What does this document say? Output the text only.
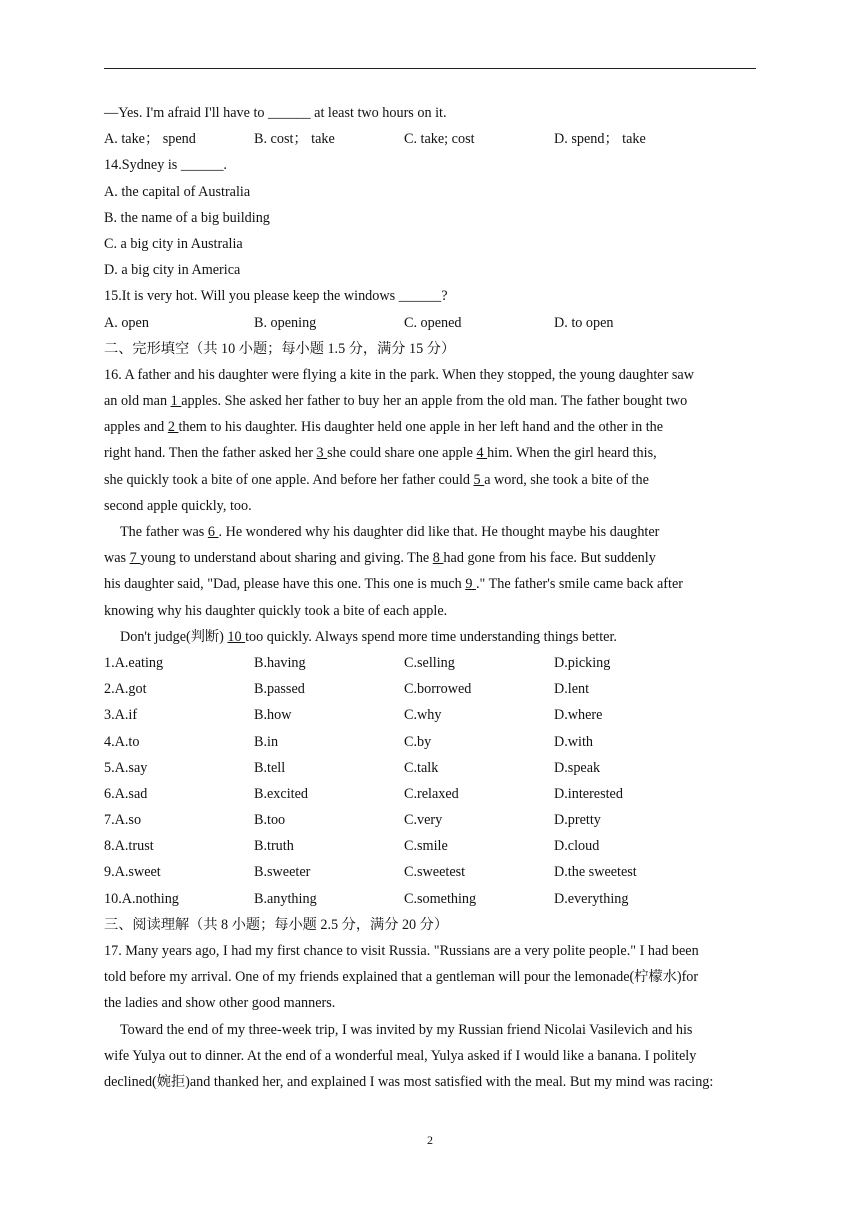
—Yes. I'm afraid I'll have to ______ at least two hours on it.
A. take； spend	B. cost； take	C. take; cost	D. spend； take
14.Sydney is ______.
A. the capital of Australia
B. the name of a big building
C. a big city in Australia
D. a big city in America
15.It is very hot. Will you please keep the windows ______?
A. open	B. opening	C. opened	D. to open
二、完形填空（共 10 小题；每小题 1.5 分，满分 15 分）
16. A father and his daughter were flying a kite in the park. When they stopped, the young daughter saw
an old man 1 apples. She asked her father to buy her an apple from the old man. The father bought two
apples and 2 them to his daughter. His daughter held one apple in her left hand and the other in the
right hand. Then the father asked her 3 she could share one apple 4 him. When the girl heard this,
she quickly took a bite of one apple. And before her father could 5 a word, she took a bite of the
second apple quickly, too.
The father was 6 . He wondered why his daughter did like that. He thought maybe his daughter
was 7 young to understand about sharing and giving. The 8 had gone from his face. But suddenly
his daughter said, "Dad, please have this one. This one is much 9 ." The father's smile came back after
knowing why his daughter quickly took a bite of each apple.
Don't judge(判断) 10 too quickly. Always spend more time understanding things better.
1.A.eating	B.having	C.selling	D.picking
2.A.got	B.passed	C.borrowed	D.lent
3.A.if	B.how	C.why	D.where
4.A.to	B.in	C.by	D.with
5.A.say	B.tell	C.talk	D.speak
6.A.sad	B.excited	C.relaxed	D.interested
7.A.so	B.too	C.very	D.pretty
8.A.trust	B.truth	C.smile	D.cloud
9.A.sweet	B.sweeter	C.sweetest	D.the sweetest
10.A.nothing	B.anything	C.something	D.everything
三、阅读理解（共 8 小题；每小题 2.5 分，满分 20 分）
17. Many years ago, I had my first chance to visit Russia. "Russians are a very polite people." I had been
told before my arrival. One of my friends explained that a gentleman will pour the lemonade(柠檬水)for
the ladies and show other good manners.
Toward the end of my three-week trip, I was invited by my Russian friend Nicolai Vasilevich and his
wife Yulya out to dinner. At the end of a wonderful meal, Yulya asked if I would like a banana. I politely
declined(婉拒)and thanked her, and explained I was most satisfied with the meal. But my mind was racing:
2
